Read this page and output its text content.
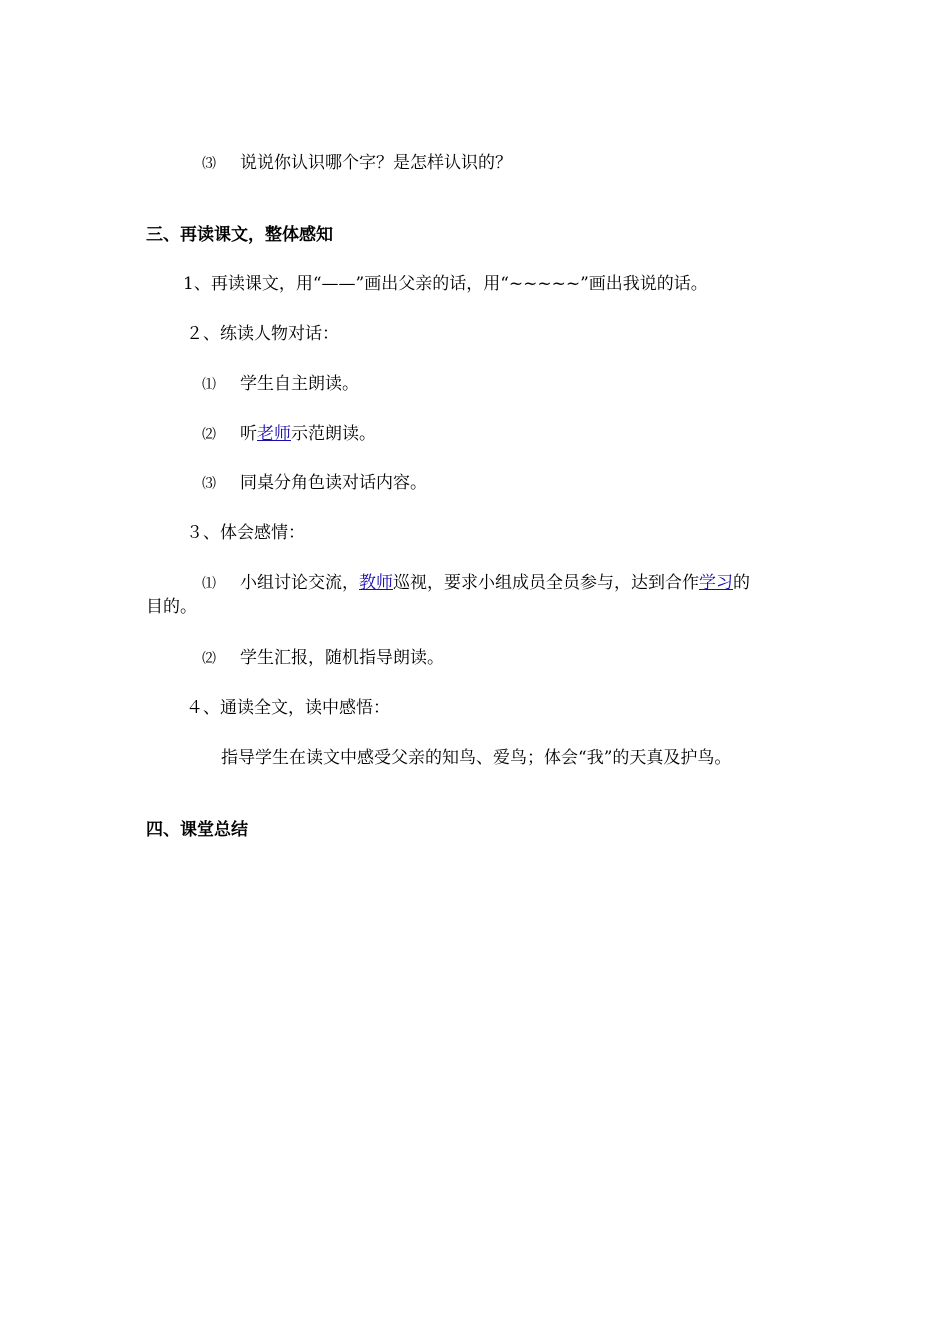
⑶ 说说你认识哪个字？是怎样认识的？
三、再读课文，整体感知
1、再读课文，用“——”画出父亲的话，用“~~~~~”画出我说的话。
２、练读人物对话：
⑴ 学生自主朗读。
⑵ 听老师示范朗读。
⑶ 同桌分角色读对话内容。
３、体会感情：
⑴ 小组讨论交流，教师巡视，要求小组成员全员参与，达到合作学习的
目的。
⑵ 学生汇报，随机指导朗读。
４、通读全文，读中感悟：
指导学生在读文中感受父亲的知鸟、爱鸟；体会“我”的天真及护鸟。
四、课堂总结
